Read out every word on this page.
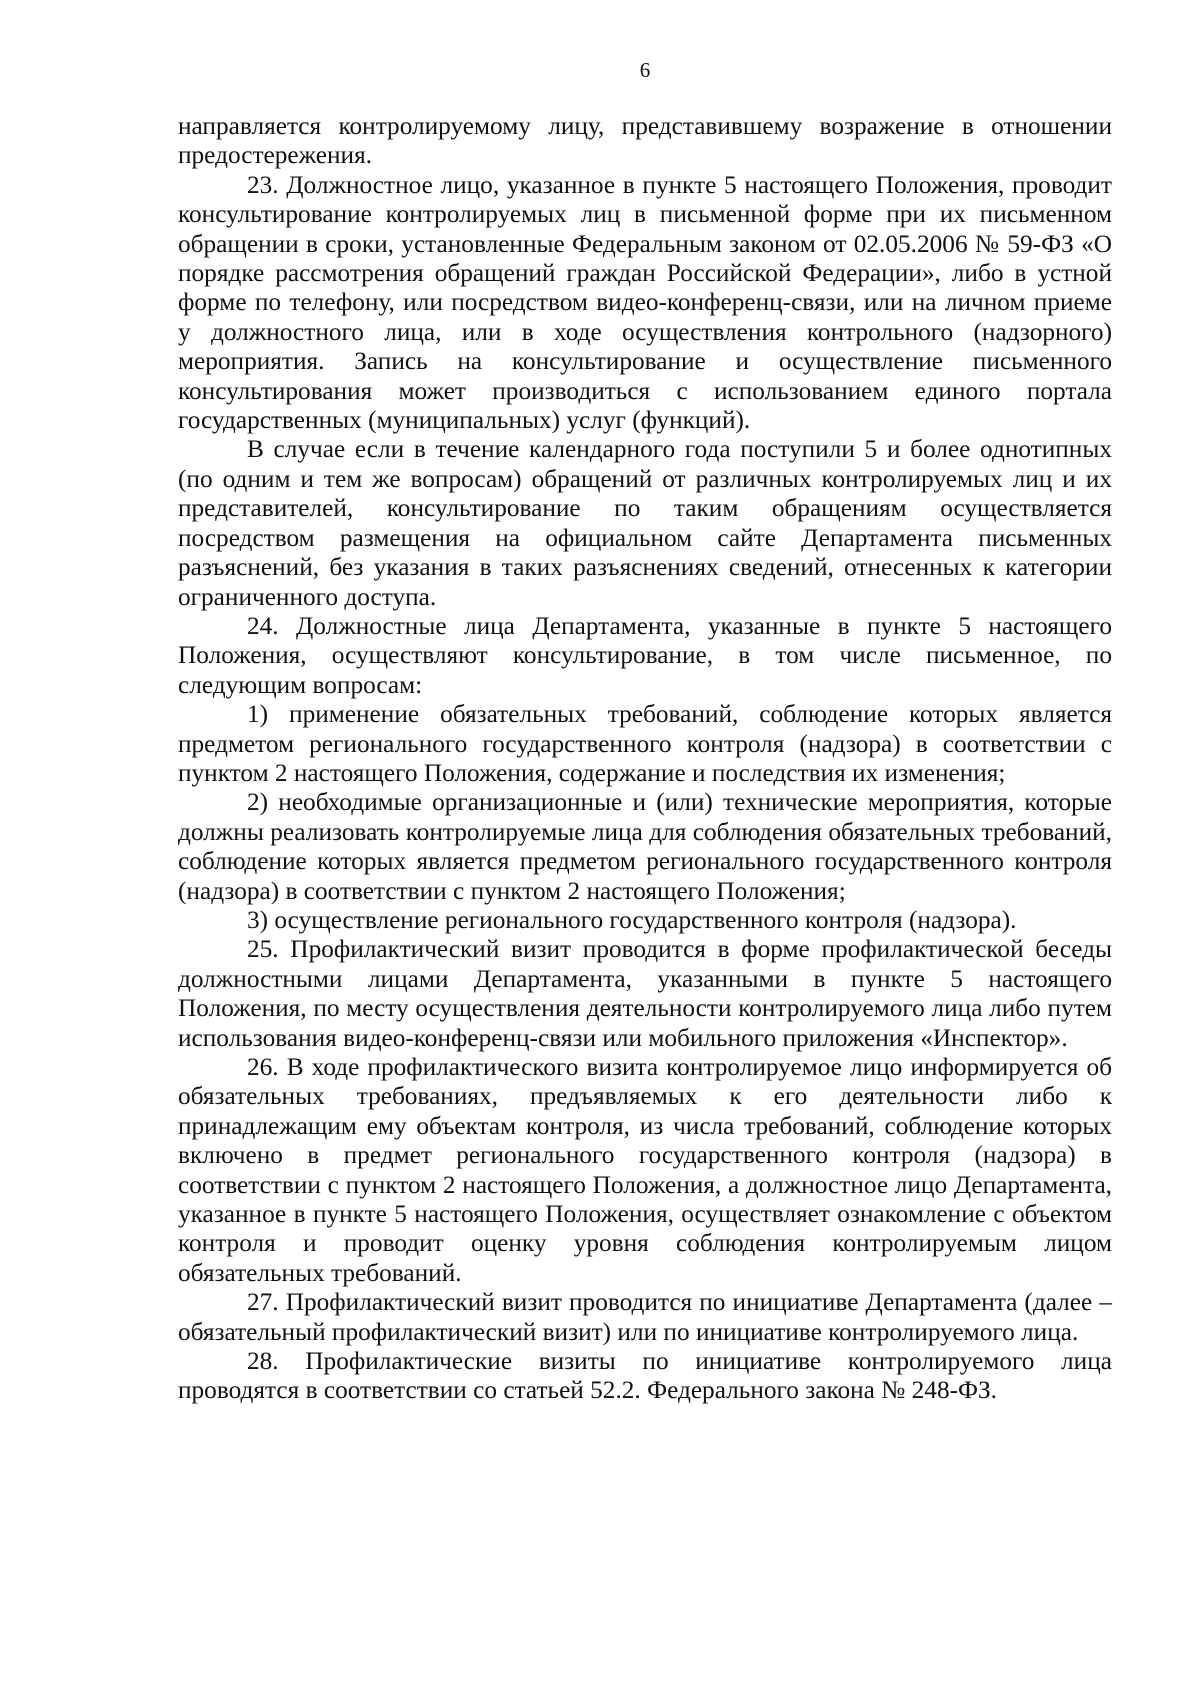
6

направляется контролируемому лицу, представившему возражение в отношении предостережения.

23. Должностное лицо, указанное в пункте 5 настоящего Положения, проводит консультирование контролируемых лиц в письменной форме при их письменном обращении в сроки, установленные Федеральным законом от 02.05.2006 № 59-ФЗ «О порядке рассмотрения обращений граждан Российской Федерации», либо в устной форме по телефону, или посредством видео-конференц-связи, или на личном приеме у должностного лица, или в ходе осуществления контрольного (надзорного) мероприятия. Запись на консультирование и осуществление письменного консультирования может производиться с использованием единого портала государственных (муниципальных) услуг (функций).

В случае если в течение календарного года поступили 5 и более однотипных (по одним и тем же вопросам) обращений от различных контролируемых лиц и их представителей, консультирование по таким обращениям осуществляется посредством размещения на официальном сайте Департамента письменных разъяснений, без указания в таких разъяснениях сведений, отнесенных к категории ограниченного доступа.

24. Должностные лица Департамента, указанные в пункте 5 настоящего Положения, осуществляют консультирование, в том числе письменное, по следующим вопросам:

1) применение обязательных требований, соблюдение которых является предметом регионального государственного контроля (надзора) в соответствии с пунктом 2 настоящего Положения, содержание и последствия их изменения;

2) необходимые организационные и (или) технические мероприятия, которые должны реализовать контролируемые лица для соблюдения обязательных требований, соблюдение которых является предметом регионального государственного контроля (надзора) в соответствии с пунктом 2 настоящего Положения;

3) осуществление регионального государственного контроля (надзора).

25. Профилактический визит проводится в форме профилактической беседы должностными лицами Департамента, указанными в пункте 5 настоящего Положения, по месту осуществления деятельности контролируемого лица либо путем использования видео-конференц-связи или мобильного приложения «Инспектор».

26. В ходе профилактического визита контролируемое лицо информируется об обязательных требованиях, предъявляемых к его деятельности либо к принадлежащим ему объектам контроля, из числа требований, соблюдение которых включено в предмет регионального государственного контроля (надзора) в соответствии с пунктом 2 настоящего Положения, а должностное лицо Департамента, указанное в пункте 5 настоящего Положения, осуществляет ознакомление с объектом контроля и проводит оценку уровня соблюдения контролируемым лицом обязательных требований.

27. Профилактический визит проводится по инициативе Департамента (далее – обязательный профилактический визит) или по инициативе контролируемого лица.

28. Профилактические визиты по инициативе контролируемого лица проводятся в соответствии со статьей 52.2. Федерального закона № 248-ФЗ.
